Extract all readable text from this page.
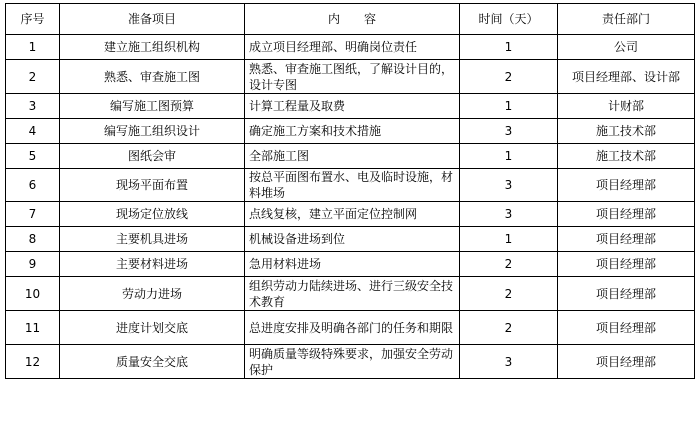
序号	准备项目	内　　容	时间（天）	责任部门
1	建立施工组织机构	成立项目经理部、明确岗位责任	1	公司
2	熟悉、审查施工图	熟悉、审查施工图纸，了解设计目的，设计专图	2	项目经理部、设计部
3	编写施工图预算	计算工程量及取费	1	计财部
4	编写施工组织设计	确定施工方案和技术措施	3	施工技术部
5	图纸会审	全部施工图	1	施工技术部
6	现场平面布置	按总平面图布置水、电及临时设施，材料堆场	3	项目经理部
7	现场定位放线	点线复核，建立平面定位控制网	3	项目经理部
8	主要机具进场	机械设备进场到位	1	项目经理部
9	主要材料进场	急用材料进场	2	项目经理部
10	劳动力进场	组织劳动力陆续进场、进行三级安全技术教育	2	项目经理部
11	进度计划交底	总进度安排及明确各部门的任务和期限	2	项目经理部
12	质量安全交底	明确质量等级特殊要求，加强安全劳动保护	3	项目经理部
